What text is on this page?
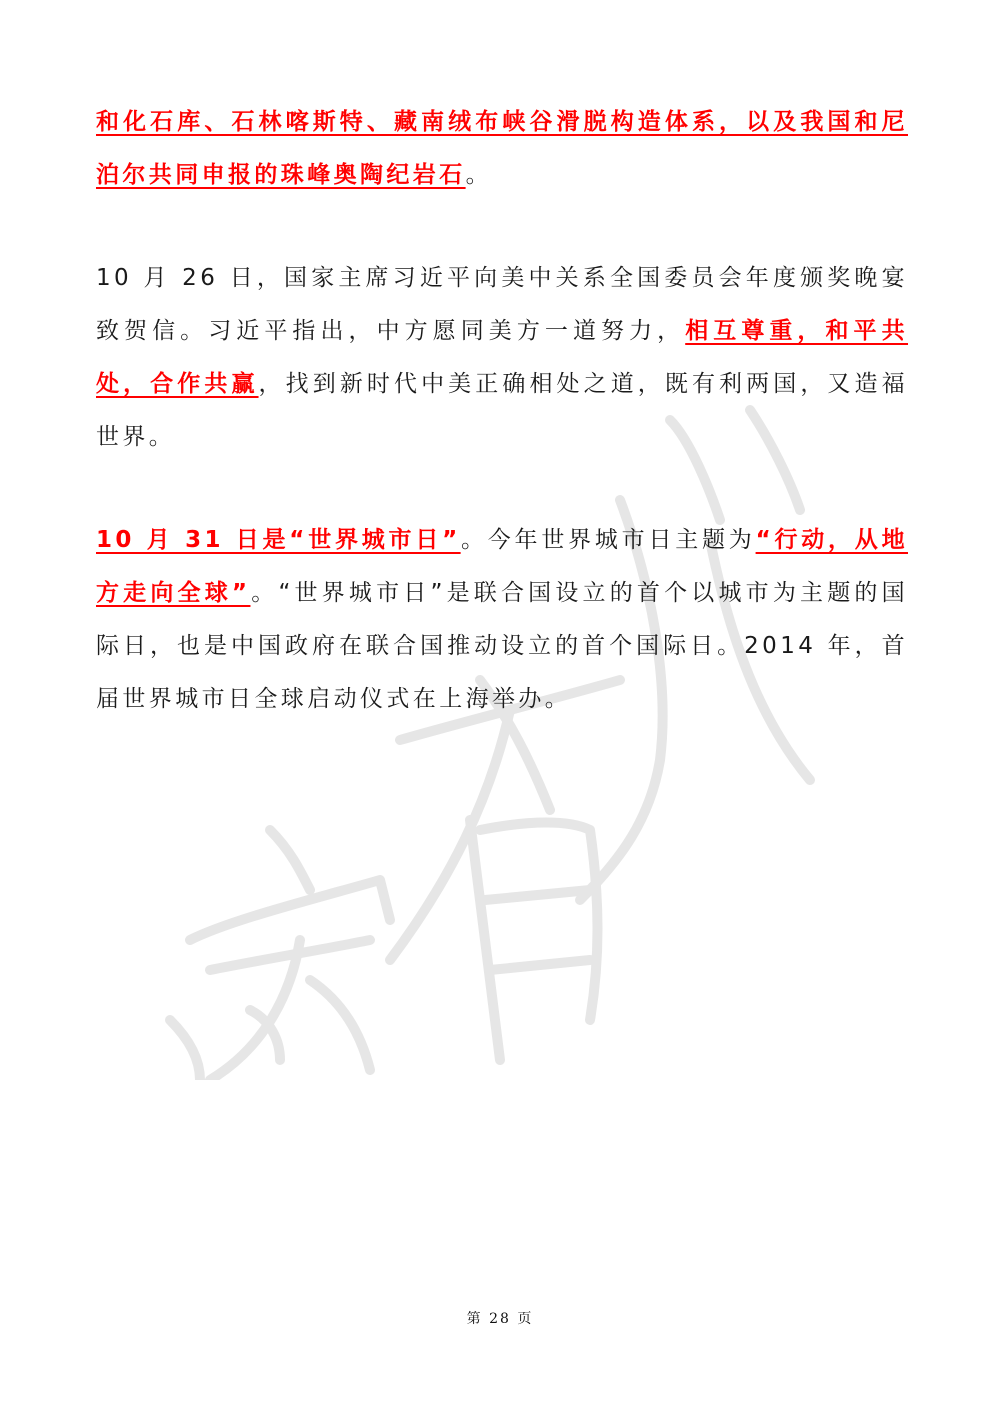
和化石库、石林喀斯特、藏南绒布峡谷滑脱构造体系，以及我国和尼泊尔共同申报的珠峰奥陶纪岩石。

10 月 26 日，国家主席习近平向美中关系全国委员会年度颁奖晚宴致贺信。习近平指出，中方愿同美方一道努力，相互尊重，和平共处，合作共赢，找到新时代中美正确相处之道，既有利两国，又造福世界。

10 月 31 日是“世界城市日”。今年世界城市日主题为“行动，从地方走向全球”。“世界城市日”是联合国设立的首个以城市为主题的国际日，也是中国政府在联合国推动设立的首个国际日。2014 年，首届世界城市日全球启动仪式在上海举办。

第 28 页
